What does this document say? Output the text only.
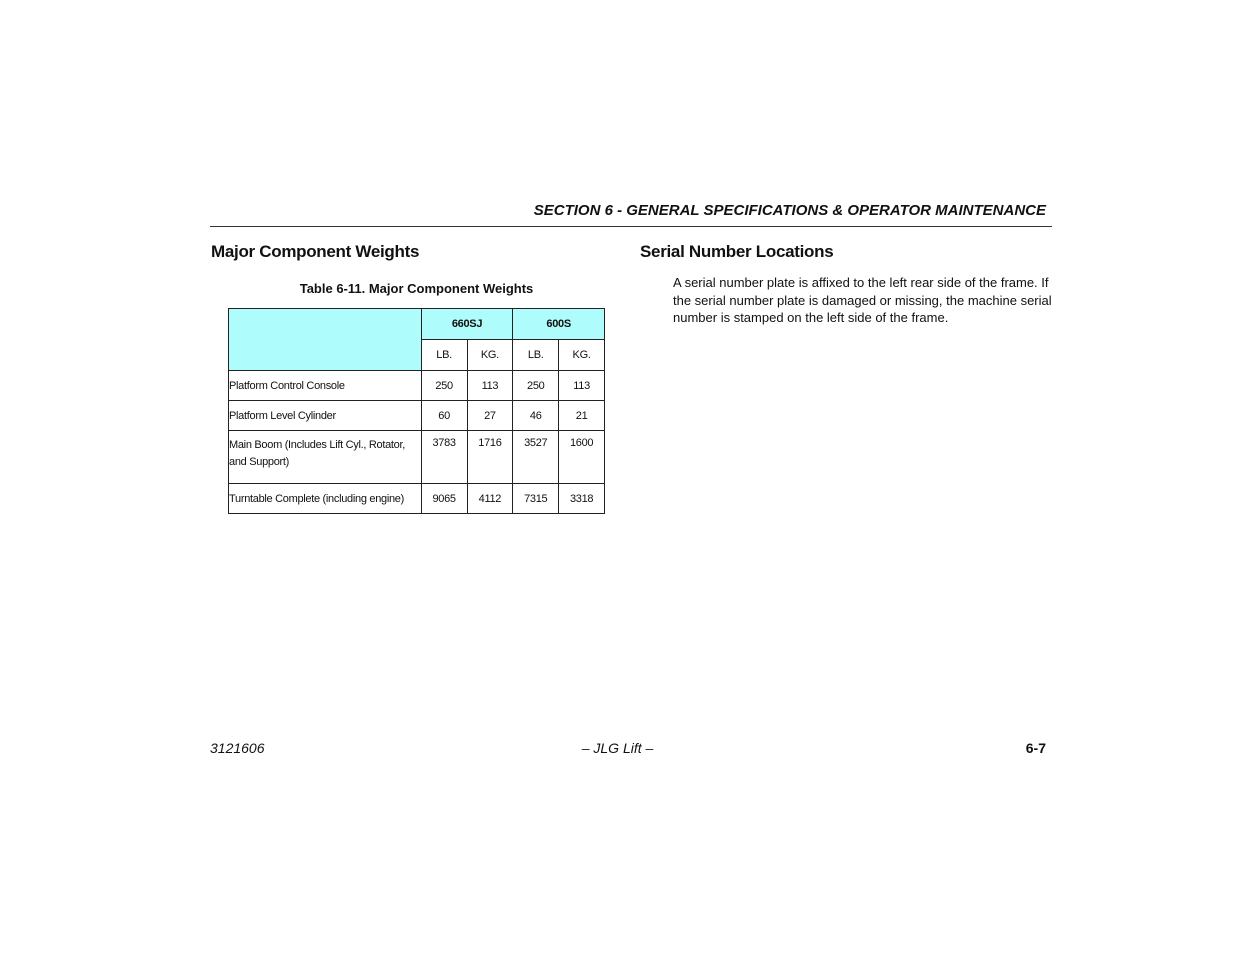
SECTION 6 - GENERAL SPECIFICATIONS & OPERATOR MAINTENANCE
Major Component Weights	Serial Number Locations
Table 6-11. Major Component Weights
	660SJ		600S	
	LB.	KG.	LB.	KG.
Platform Control Console	250	113	250	113
Platform Level Cylinder	60	27	46	21
Main Boom (Includes Lift Cyl., Rotator, and Support)	3783	1716	3527	1600
Turntable Complete (including engine)	9065	4112	7315	3318
A serial number plate is affixed to the left rear side of the frame. If the serial number plate is damaged or missing, the machine serial number is stamped on the left side of the frame.
3121606	– JLG Lift –	6-7
